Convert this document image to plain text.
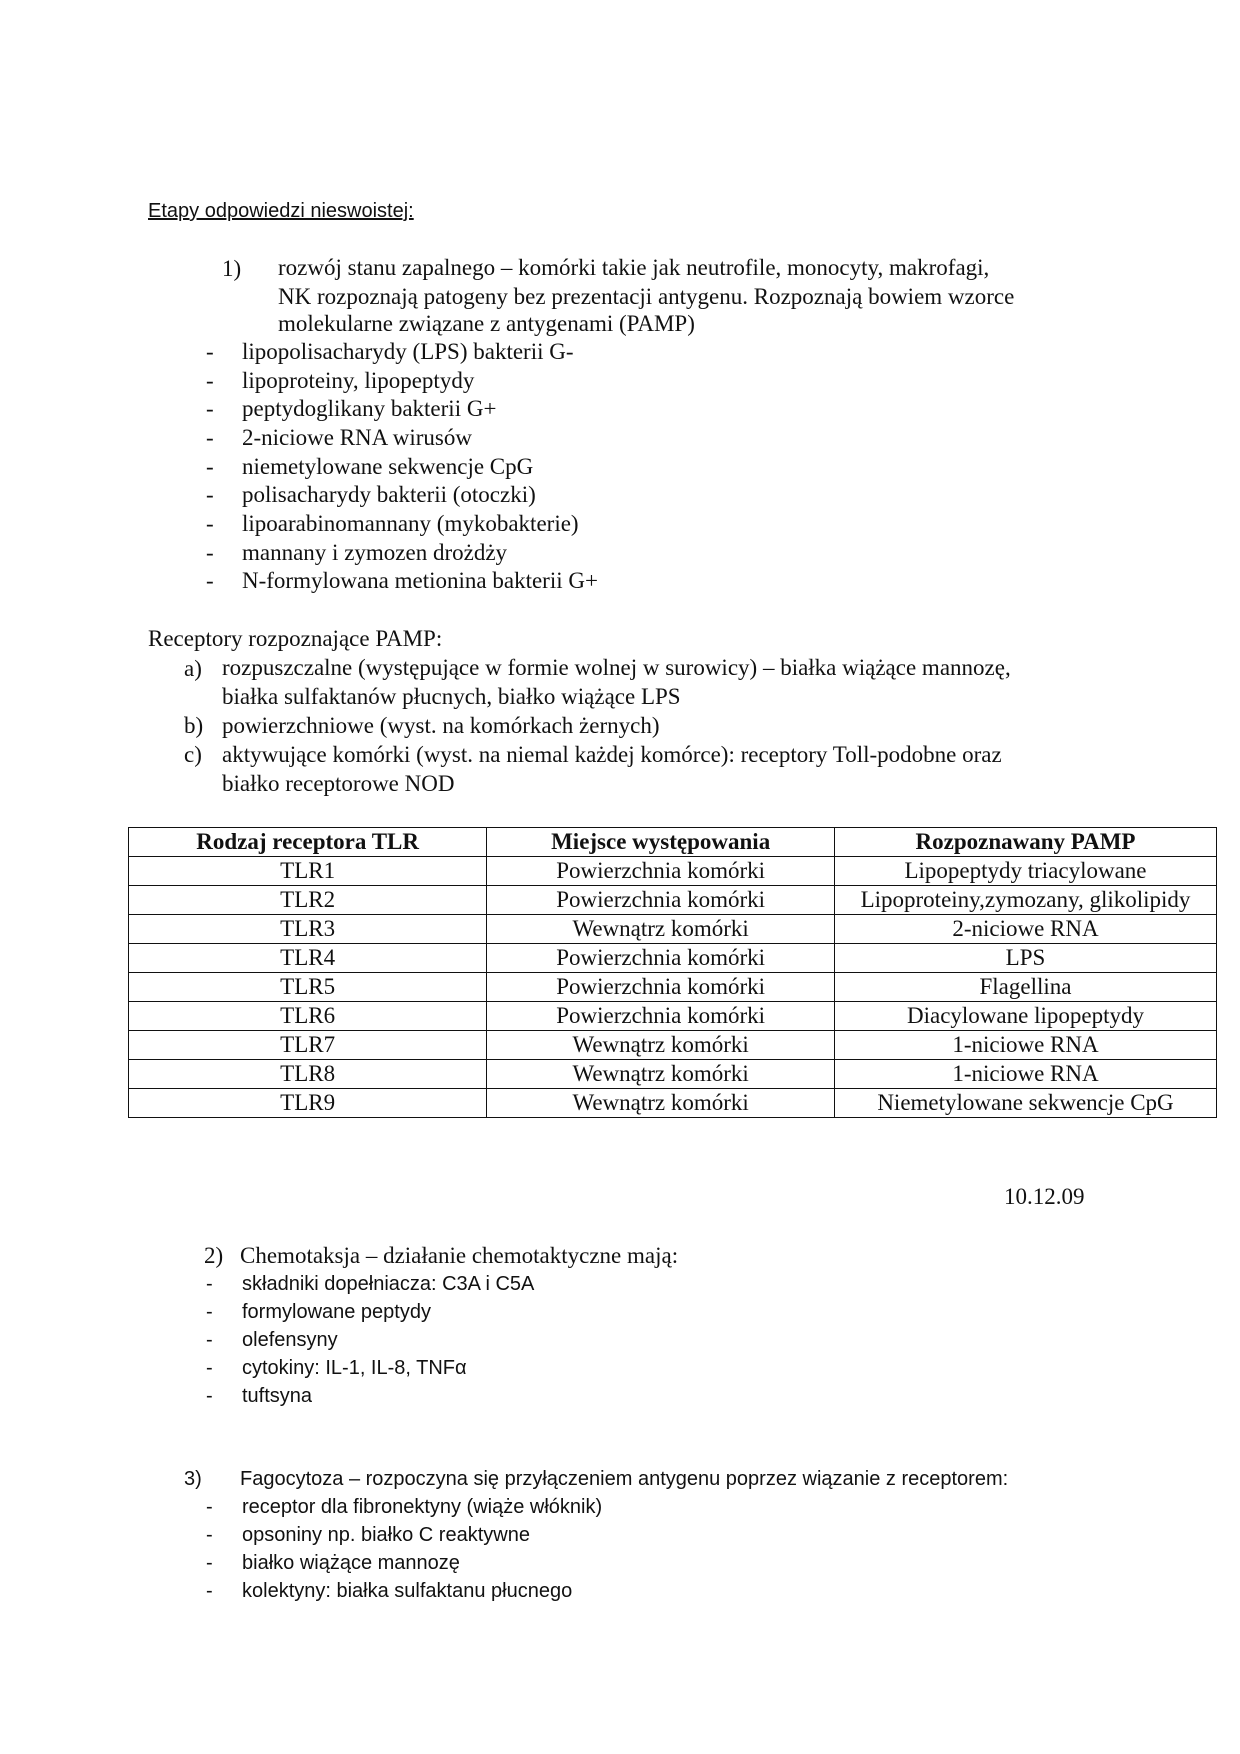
Etapy odpowiedzi nieswoistej:
1) rozwój stanu zapalnego – komórki takie jak neutrofile, monocyty, makrofagi,
NK rozpoznają patogeny bez prezentacji antygenu. Rozpoznają bowiem wzorce
molekularne związane z antygenami (PAMP)
- lipopolisacharydy (LPS) bakterii G-
- lipoproteiny, lipopeptydy
- peptydoglikany bakterii G+
- 2-niciowe RNA wirusów
- niemetylowane sekwencje CpG
- polisacharydy bakterii (otoczki)
- lipoarabinomannany (mykobakterie)
- mannany i zymozen drożdży
- N-formylowana metionina bakterii G+
Receptory rozpoznające PAMP:
a) rozpuszczalne (występujące w formie wolnej w surowicy) – białka wiążące mannozę,
białka sulfaktanów płucnych, białko wiążące LPS
b) powierzchniowe (wyst. na komórkach żernych)
c) aktywujące komórki (wyst. na niemal każdej komórce): receptory Toll-podobne oraz
białko receptorowe NOD
Rodzaj receptora TLR	Miejsce występowania	Rozpoznawany PAMP
TLR1	Powierzchnia komórki	Lipopeptydy triacylowane
TLR2	Powierzchnia komórki	Lipoproteiny,zymozany, glikolipidy
TLR3	Wewnątrz komórki	2-niciowe RNA
TLR4	Powierzchnia komórki	LPS
TLR5	Powierzchnia komórki	Flagellina
TLR6	Powierzchnia komórki	Diacylowane lipopeptydy
TLR7	Wewnątrz komórki	1-niciowe RNA
TLR8	Wewnątrz komórki	1-niciowe RNA
TLR9	Wewnątrz komórki	Niemetylowane sekwencje CpG
10.12.09
2) Chemotaksja – działanie chemotaktyczne mają:
- składniki dopełniacza: C3A i C5A
- formylowane peptydy
- olefensyny
- cytokiny: IL-1, IL-8, TNFα
- tuftsyna
3) Fagocytoza – rozpoczyna się przyłączeniem antygenu poprzez wiązanie z receptorem:
- receptor dla fibronektyny (wiąże włóknik)
- opsoniny np. białko C reaktywne
- białko wiążące mannozę
- kolektyny: białka sulfaktanu płucnego
